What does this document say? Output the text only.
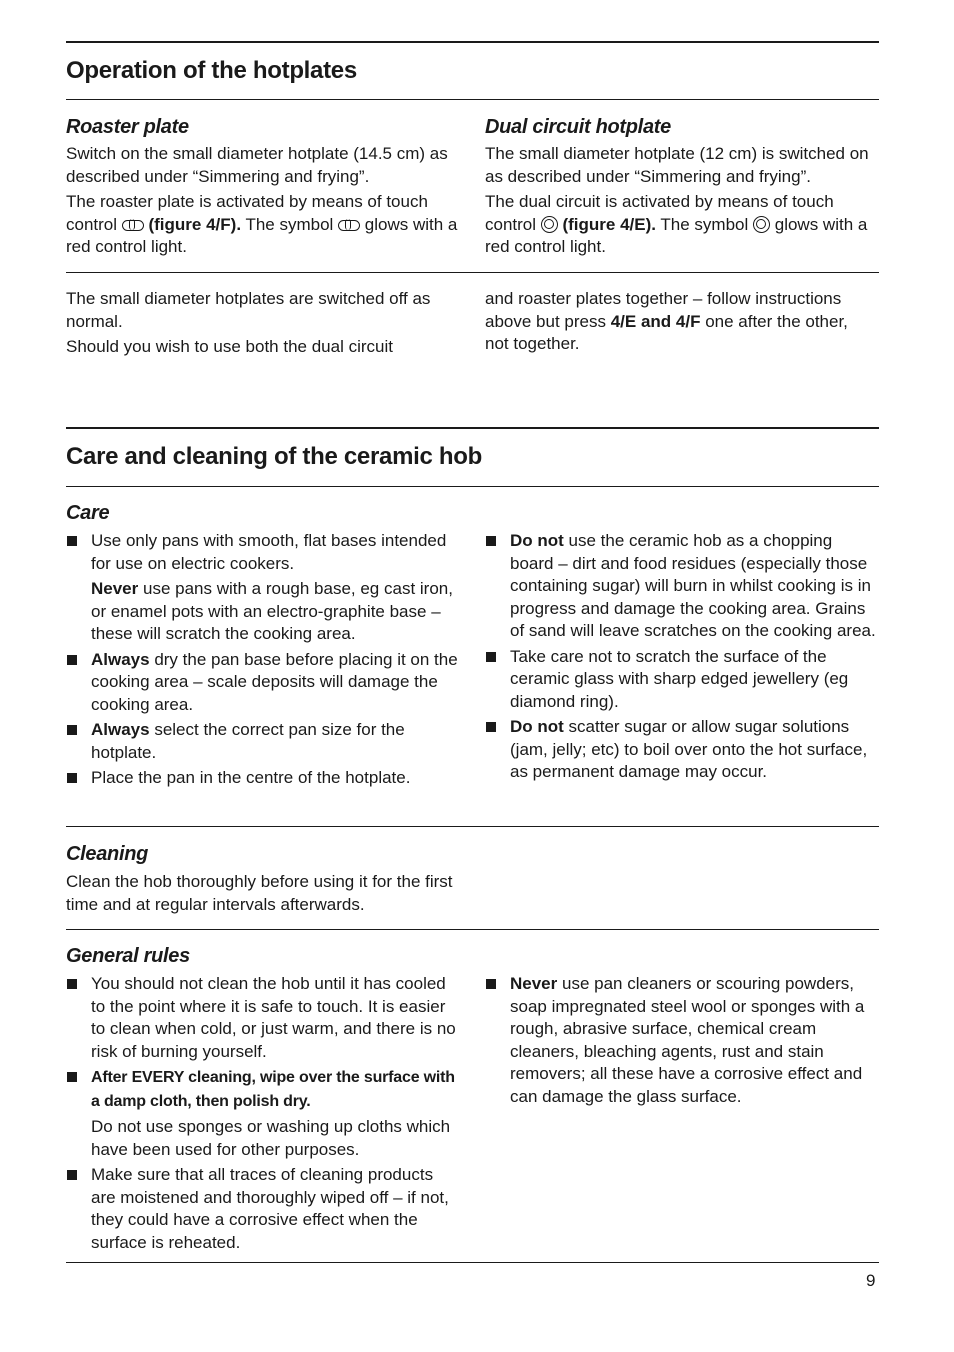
Operation of the hotplates
Roaster plate

Switch on the small diameter hotplate (14.5 cm) as described under “Simmering and frying”.

The roaster plate is activated by means of touch control  (figure 4/F). The symbol  glows with a red control light.

Dual circuit hotplate

The small diameter hotplate (12 cm) is switched on as described under “Simmering and frying”.

The dual circuit is activated by means of touch control  (figure 4/E). The symbol  glows with a red control light.

The small diameter hotplates are switched off as normal.

Should you wish to use both the dual circuit

and roaster plates together – follow instructions above but press 4/E and 4/F one after the other, not together.

Care and cleaning of the ceramic hob
Care

Use only pans with smooth, flat bases intended for use on electric cookers.

Never use pans with a rough base, eg cast iron, or enamel pots with an electro-graphite base – these will scratch the cooking area.

Always dry the pan base before placing it on the cooking area – scale deposits will damage the cooking area.
Always select the correct pan size for the hotplate.
Place the pan in the centre of the hotplate.
Do not use the ceramic hob as a chopping board – dirt and food residues (especially those containing sugar) will burn in whilst cooking is in progress and damage the cooking area. Grains of sand will leave scratches on the cooking area.
Take care not to scratch the surface of the ceramic glass with sharp edged jewellery (eg diamond ring).
Do not scatter sugar or allow sugar solutions (jam, jelly; etc) to boil over onto the hot surface, as permanent damage may occur.
Cleaning

Clean the hob thoroughly before using it for the first time and at regular intervals afterwards.

General rules
You should not clean the hob until it has cooled to the point where it is safe to touch. It is easier to clean when cold, or just warm, and there is no risk of burning yourself.

After EVERY cleaning, wipe over the surface with a damp cloth, then polish dry.

Do not use sponges or washing up cloths which have been used for other purposes.

Make sure that all traces of cleaning products are moistened and thoroughly wiped off – if not, they could have a corrosive effect when the surface is reheated.
Never use pan cleaners or scouring powders, soap impregnated steel wool or sponges with a rough, abrasive surface, chemical cream cleaners, bleaching agents, rust and stain removers; all these have a corrosive effect and can damage the glass surface.
9
